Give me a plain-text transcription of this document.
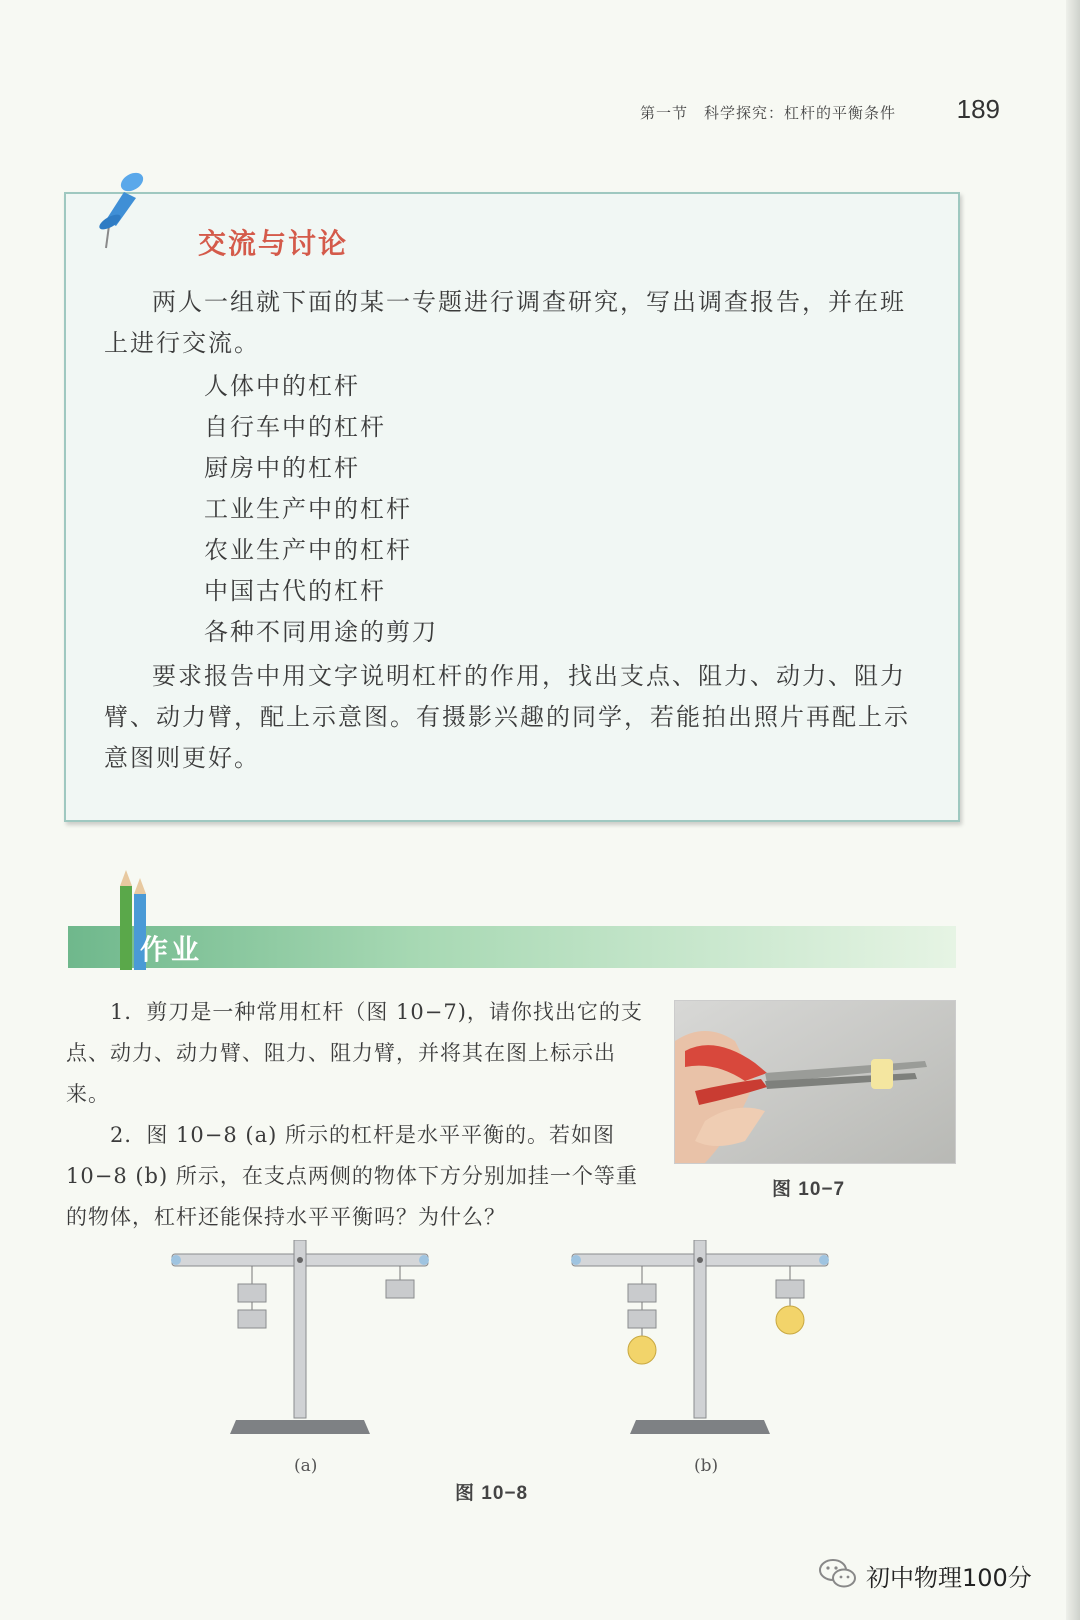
第一节　科学探究：杠杆的平衡条件 189
交流与讨论

两人一组就下面的某一专题进行调查研究，写出调查报告，并在班上进行交流。

人体中的杠杆
自行车中的杠杆
厨房中的杠杆
工业生产中的杠杆
农业生产中的杠杆
中国古代的杠杆
各种不同用途的剪刀

要求报告中用文字说明杠杆的作用，找出支点、阻力、动力、阻力臂、动力臂，配上示意图。有摄影兴趣的同学，若能拍出照片再配上示意图则更好。

作业

1．剪刀是一种常用杠杆（图 10−7)，请你找出它的支点、动力、动力臂、阻力、阻力臂，并将其在图上标示出来。

2．图 10−8 (a) 所示的杠杆是水平平衡的。若如图 10−8 (b) 所示，在支点两侧的物体下方分别加挂一个等重的物体，杠杆还能保持水平平衡吗？为什么？

图 10−7
(a)	(b)
图 10−8
初中物理100分
